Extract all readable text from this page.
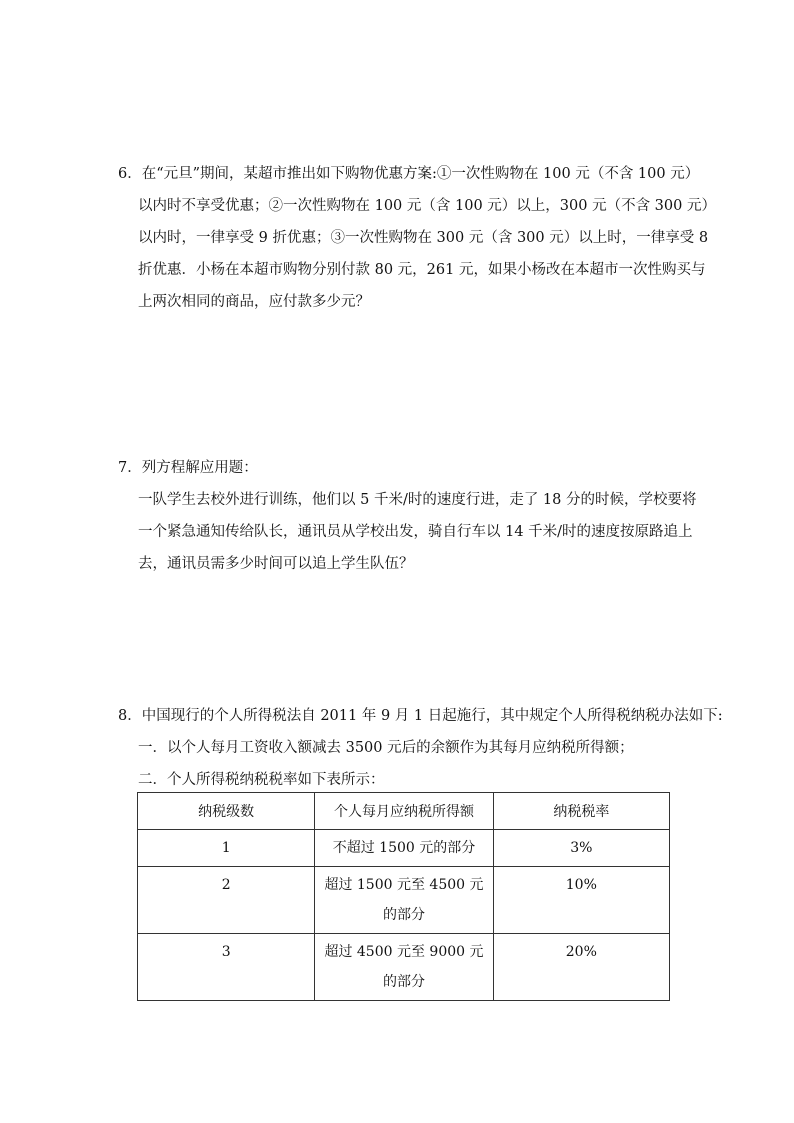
6．在“元旦”期间，某超市推出如下购物优惠方案:①一次性购物在 100 元（不含 100 元）
以内时不享受优惠；②一次性购物在 100 元（含 100 元）以上，300 元（不含 300 元）
以内时，一律享受 9 折优惠；③一次性购物在 300 元（含 300 元）以上时，一律享受 8
折优惠．小杨在本超市购物分别付款 80 元，261 元，如果小杨改在本超市一次性购买与
上两次相同的商品，应付款多少元？
7．列方程解应用题：
一队学生去校外进行训练，他们以 5 千米/时的速度行进，走了 18 分的时候，学校要将
一个紧急通知传给队长，通讯员从学校出发，骑自行车以 14 千米/时的速度按原路追上
去，通讯员需多少时间可以追上学生队伍？
8．中国现行的个人所得税法自 2011 年 9 月 1 日起施行，其中规定个人所得税纳税办法如下:
一．以个人每月工资收入额减去 3500 元后的余额作为其每月应纳税所得额；
二．个人所得税纳税税率如下表所示：
纳税级数	个人每月应纳税所得额	纳税税率
1	不超过 1500 元的部分	3%
2	超过 1500 元至 4500 元的部分	10%
3	超过 4500 元至 9000 元的部分	20%
